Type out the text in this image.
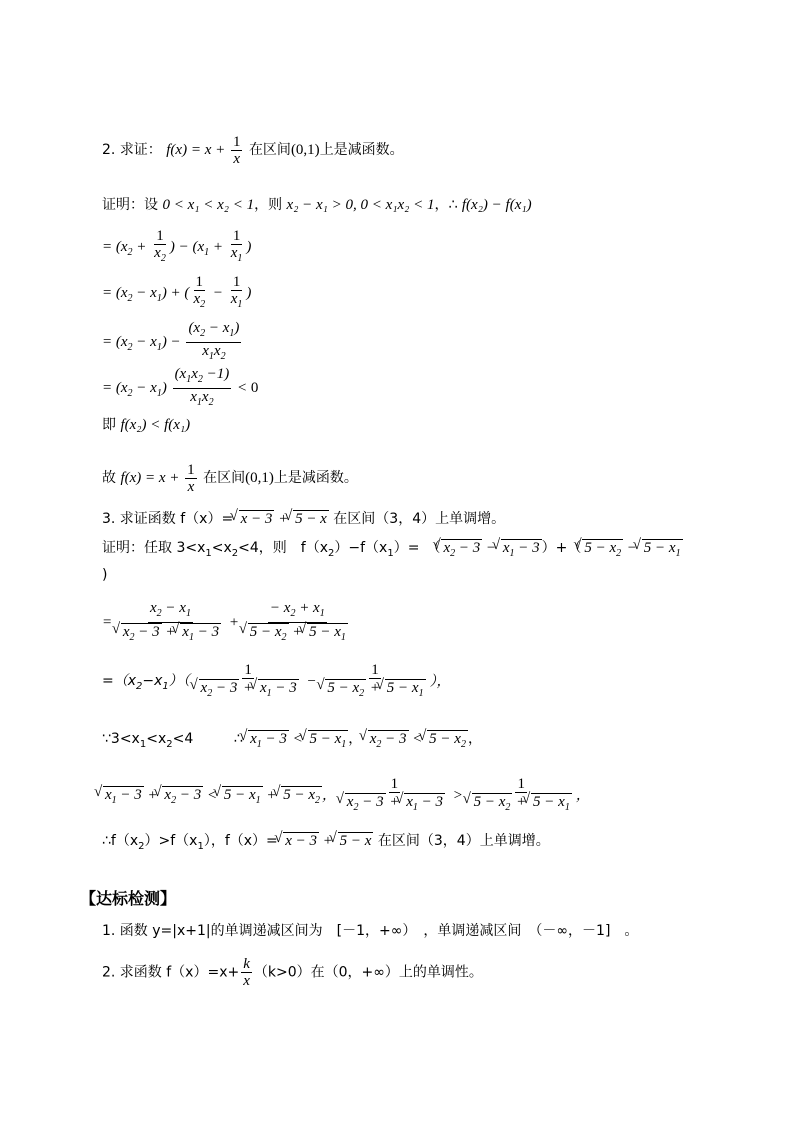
2. 求证： $f(x) = x + \frac{1}{x}$ 在区间(0,1)上是减函数。
证明：设 0 < x₁ < x₂ < 1，则 x₂ − x₁ > 0, 0 < x₁x₂ < 1，∴ f(x₂) − f(x₁)
= ($x_2 + \frac{1}{x_2}$ ) − ($x_1 + \frac{1}{x_1}$ )
= $(x_2 - x_1)$ + ( $\frac{1}{x_2} - \frac{1}{x_1}$ )
= $(x_2 - x_1) - \frac{(x_2 - x_1)}{x_1x_2}$
= $(x_2 - x_1) \frac{(x_1x_2 -1)}{x_1x_2} < 0$
即 f(x₂) < f(x₁)
故 $f(x) = x + \frac{1}{x}$ 在区间(0,1)上是减函数。
3. 求证函数 f（x）= √ x − 3 + √ 5 − x 在区间（3，4）上单调增。
证明：任取 $3<x_1<x_2<4$，则　$f(x_2)-f(x_1)=$　（ √ $x_2 - 3$ − √ $x_1 - 3$ ）+（ √ $5 - x_2$ − √ $5 - x_1$
)
= $x_2 - x_1$
√ $x_2 - 3$ + √ $x_1 - 3$ + − $x_2 + x_1$
√ $5 - x_2$ + √ $5 - x_1$
$=(x_2-x_1)$（ 1
√ $x_2 - 3$ + √ $x_1 - 3 - 1$
√ $5 - x_2$ + √ $5 - x_1$ ），
$\because 3<x_1<x_2<4$	∴ √ $x_1 - 3$ < √ $5 - x_1$ ， √ $x_2 - 3$ < √ $5 - x_2$ ，
√ $x_1 - 3$ + √ $x_2 - 3$ < √ $5 - x_1$ + √ $5 - x_2$ ， 1
√ $x_2 - 3$ + √ $x_1 - 3 > 1$
√ $5 - x_2$ + √ $5 - x_1$ ，
$\therefore f(x_2)>f(x_1)$，f（x）= √ x − 3 + √ 5 − x 在区间（3，4）上单调增。
【达标检测】
1. 函数 y=|x+1|的单调递减区间为　[－1，+∞）　，单调递减区间　（－∞，－1]　。
2. 求函数 $f(x)=x+ \frac{k}{x} (k>0)$在（0，+∞）上的单调性。
